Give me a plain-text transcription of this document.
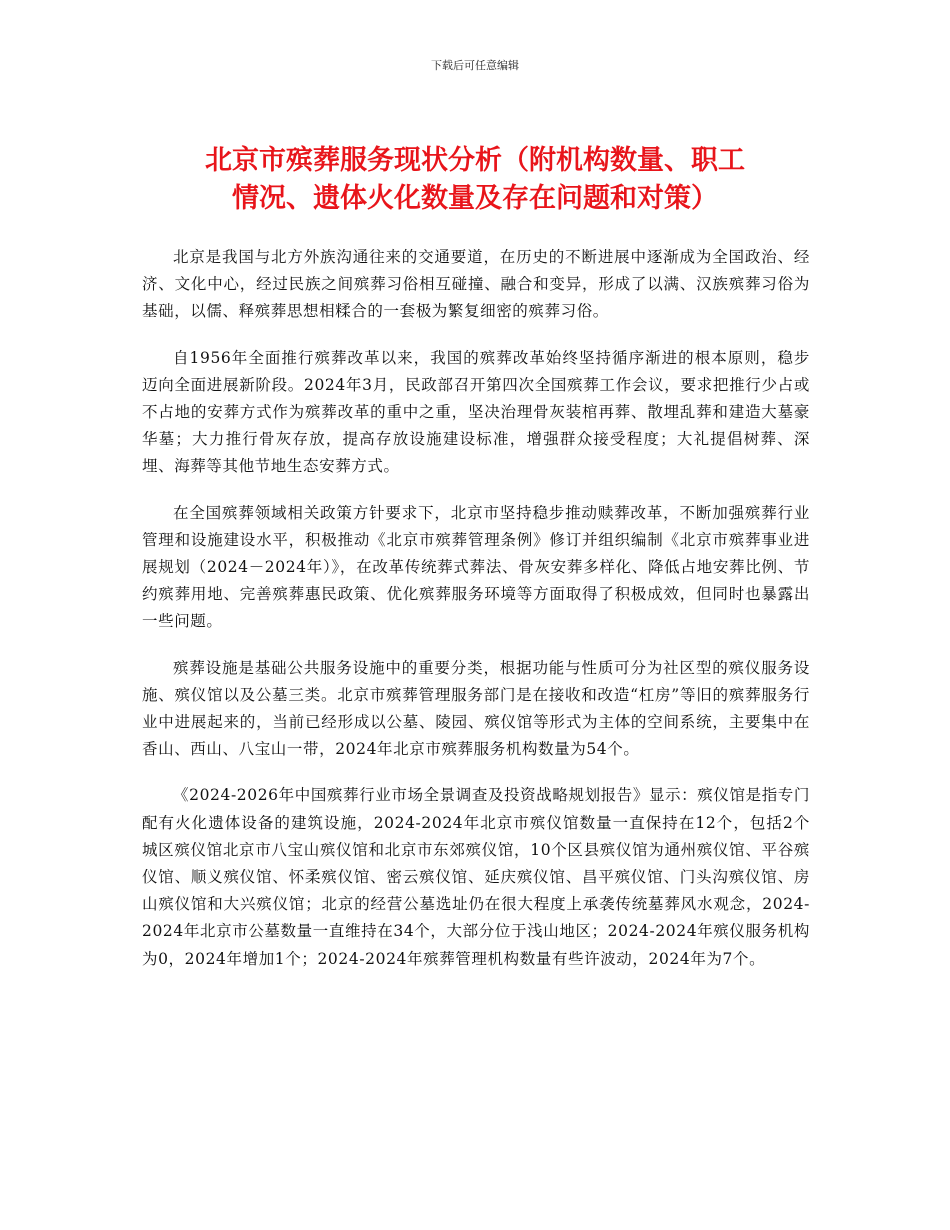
下载后可任意编辑
北京市殡葬服务现状分析（附机构数量、职工
情况、遗体火化数量及存在问题和对策）

北京是我国与北方外族沟通往来的交通要道，在历史的不断进展中逐渐成为全国政治、经济、文化中心，经过民族之间殡葬习俗相互碰撞、融合和变异，形成了以满、汉族殡葬习俗为基础，以儒、释殡葬思想相糅合的一套极为繁复细密的殡葬习俗。

自1956年全面推行殡葬改革以来，我国的殡葬改革始终坚持循序渐进的根本原则，稳步迈向全面进展新阶段。2024年3月，民政部召开第四次全国殡葬工作会议，要求把推行少占或不占地的安葬方式作为殡葬改革的重中之重，坚决治理骨灰装棺再葬、散埋乱葬和建造大墓豪华墓；大力推行骨灰存放，提高存放设施建设标准，增强群众接受程度；大礼提倡树葬、深埋、海葬等其他节地生态安葬方式。

在全国殡葬领域相关政策方针要求下，北京市坚持稳步推动赎葬改革，不断加强殡葬行业管理和设施建设水平，积极推动《北京市殡葬管理条例》修订并组织编制《北京市殡葬事业进展规划（2024－2024年）》，在改革传统葬式葬法、骨灰安葬多样化、降低占地安葬比例、节约殡葬用地、完善殡葬惠民政策、优化殡葬服务环境等方面取得了积极成效，但同时也暴露出一些问题。

殡葬设施是基础公共服务设施中的重要分类，根据功能与性质可分为社区型的殡仪服务设施、殡仪馆以及公墓三类。北京市殡葬管理服务部门是在接收和改造“杠房”等旧的殡葬服务行业中进展起来的，当前已经形成以公墓、陵园、殡仪馆等形式为主体的空间系统，主要集中在香山、西山、八宝山一带，2024年北京市殡葬服务机构数量为54个。

《2024-2026年中国殡葬行业市场全景调查及投资战略规划报告》显示：殡仪馆是指专门配有火化遗体设备的建筑设施，2024-2024年北京市殡仪馆数量一直保持在12个，包括2个城区殡仪馆北京市八宝山殡仪馆和北京市东郊殡仪馆，10个区县殡仪馆为通州殡仪馆、平谷殡仪馆、顺义殡仪馆、怀柔殡仪馆、密云殡仪馆、延庆殡仪馆、昌平殡仪馆、门头沟殡仪馆、房山殡仪馆和大兴殡仪馆；北京的经营公墓选址仍在很大程度上承袭传统墓葬风水观念，2024-2024年北京市公墓数量一直维持在34个，大部分位于浅山地区；2024-2024年殡仪服务机构为0，2024年增加1个；2024-2024年殡葬管理机构数量有些许波动，2024年为7个。
